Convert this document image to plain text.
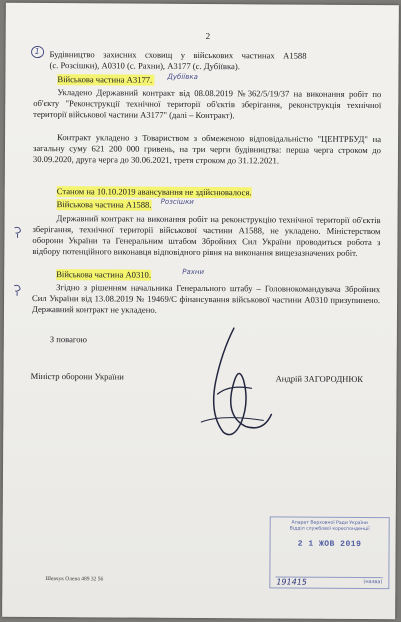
2
1 Будівництво захисних сховищ у військових частинах А1588
(с. Розсішки), А0310 (с. Рахни), А3177 (с. Дубіївка).
Військова частина А3177. Дубіївка
Укладено Державний контракт від 08.08.2019 №362/5/19/37 на виконання робіт по об'єкту "Реконструкції технічної території об'єктів зберігання, реконструкція технічної території військової частини А3177" (далі – Контракт).
Контракт укладено з Товариством з обмеженою відповідальністю "ЦЕНТРБУД" на загальну суму 621 200 000 гривень, на три черги будівництва: перша черга строком до 30.09.2020, друга черга до 30.06.2021, третя строком до 31.12.2021.
Станом на 10.10.2019 авансування не здійснювалося.
Військова частина А1588. Розсішки
Державний контракт на виконання робіт на реконструкцію технічної території об'єктів зберігання, технічної території військової частини А1588, не укладено. Міністерством оборони України та Генеральним штабом Збройних Сил України проводиться робота з відбору потенційного виконавця відповідного рівня на виконання вищезазначених робіт.
Військова частина А0310.	Рахни
Згідно з рішенням начальника Генерального штабу – Головнокомандувача Збройних Сил України від 13.08.2019 № 19469/С фінансування військової частини А0310 призупинено. Державний контракт не укладено.
З повагою
Міністр оборони України	Андрій ЗАГОРОДНЮК
Шевчук Олена 489 32 56
Апарат Верховної Ради України
Відділ службової кореспонденції
2 1 ЖОВ 2019
191415	(назва)
